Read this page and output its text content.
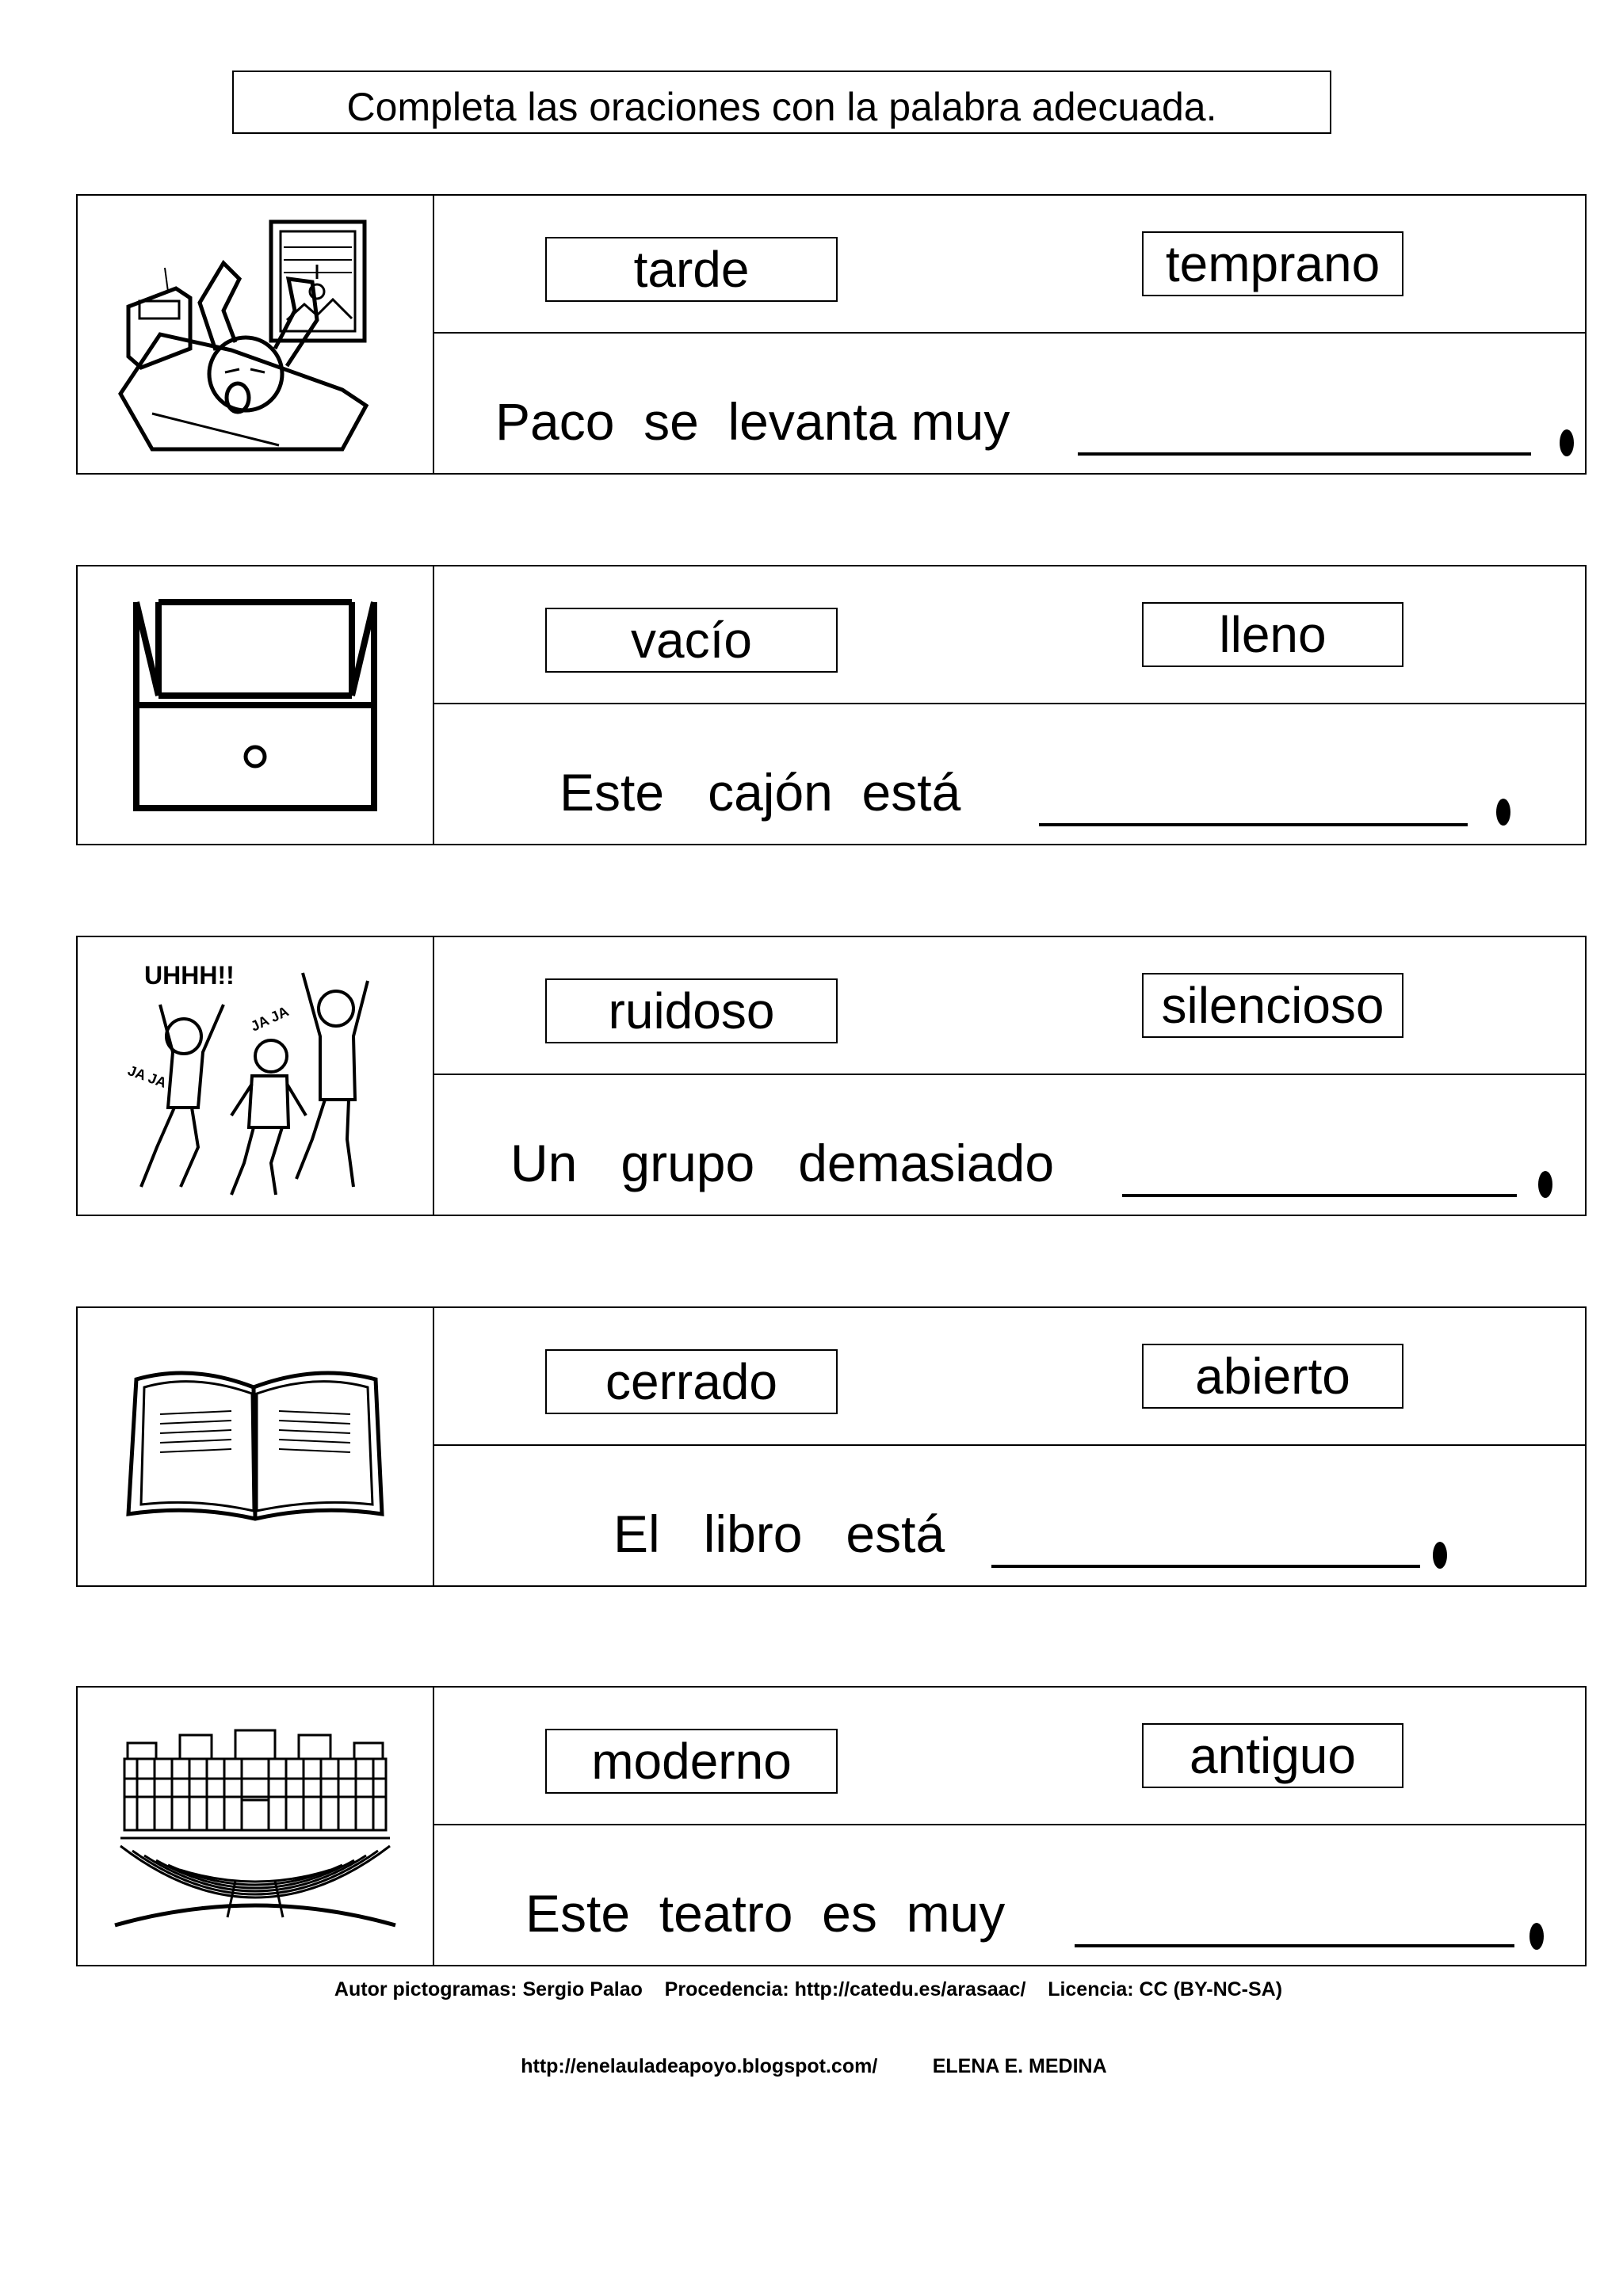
Completa las oraciones con la palabra adecuada.
tarde	temprano
Paco  se  levanta muy
vacío	lleno
Este   cajón  está
UHHH!!
JA JA
JA JA
ruidoso	silencioso
Un   grupo   demasiado
cerrado	abierto
El   libro   está
moderno	antiguo
Este  teatro  es  muy
Autor pictogramas: Sergio Palao    Procedencia: http://catedu.es/arasaac/    Licencia: CC (BY-NC-SA)

http://enelauladeapoyo.blogspot.com/	ELENA E. MEDINA
